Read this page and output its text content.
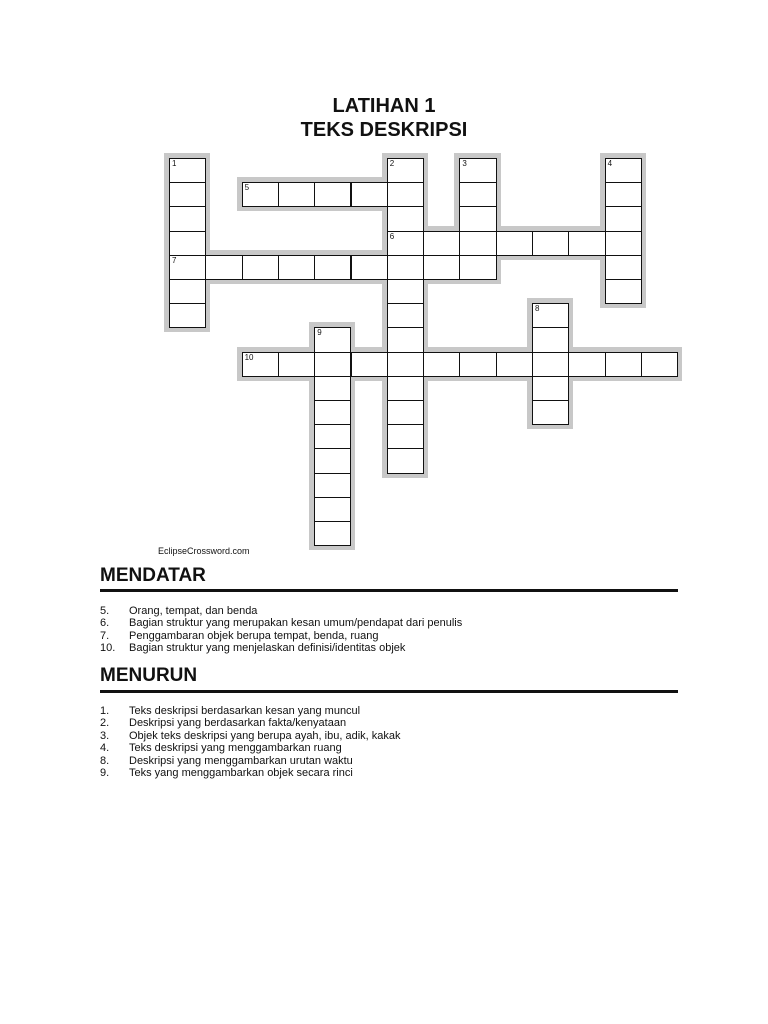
LATIHAN 1
TEKS DESKRIPSI
1
7
2
6
3	4
5
8
9
10
EclipseCrossword.com
MENDATAR
5.	Orang, tempat, dan benda
6.	Bagian struktur yang merupakan kesan umum/pendapat dari penulis
7.	Penggambaran objek berupa tempat, benda, ruang
10.	Bagian struktur yang menjelaskan definisi/identitas objek
MENURUN
1.	Teks deskripsi berdasarkan kesan yang muncul
2.	Deskripsi yang berdasarkan fakta/kenyataan
3.	Objek teks deskripsi yang berupa ayah, ibu, adik, kakak
4.	Teks deskripsi yang menggambarkan ruang
8.	Deskripsi yang menggambarkan urutan waktu
9.	Teks yang menggambarkan objek secara rinci
